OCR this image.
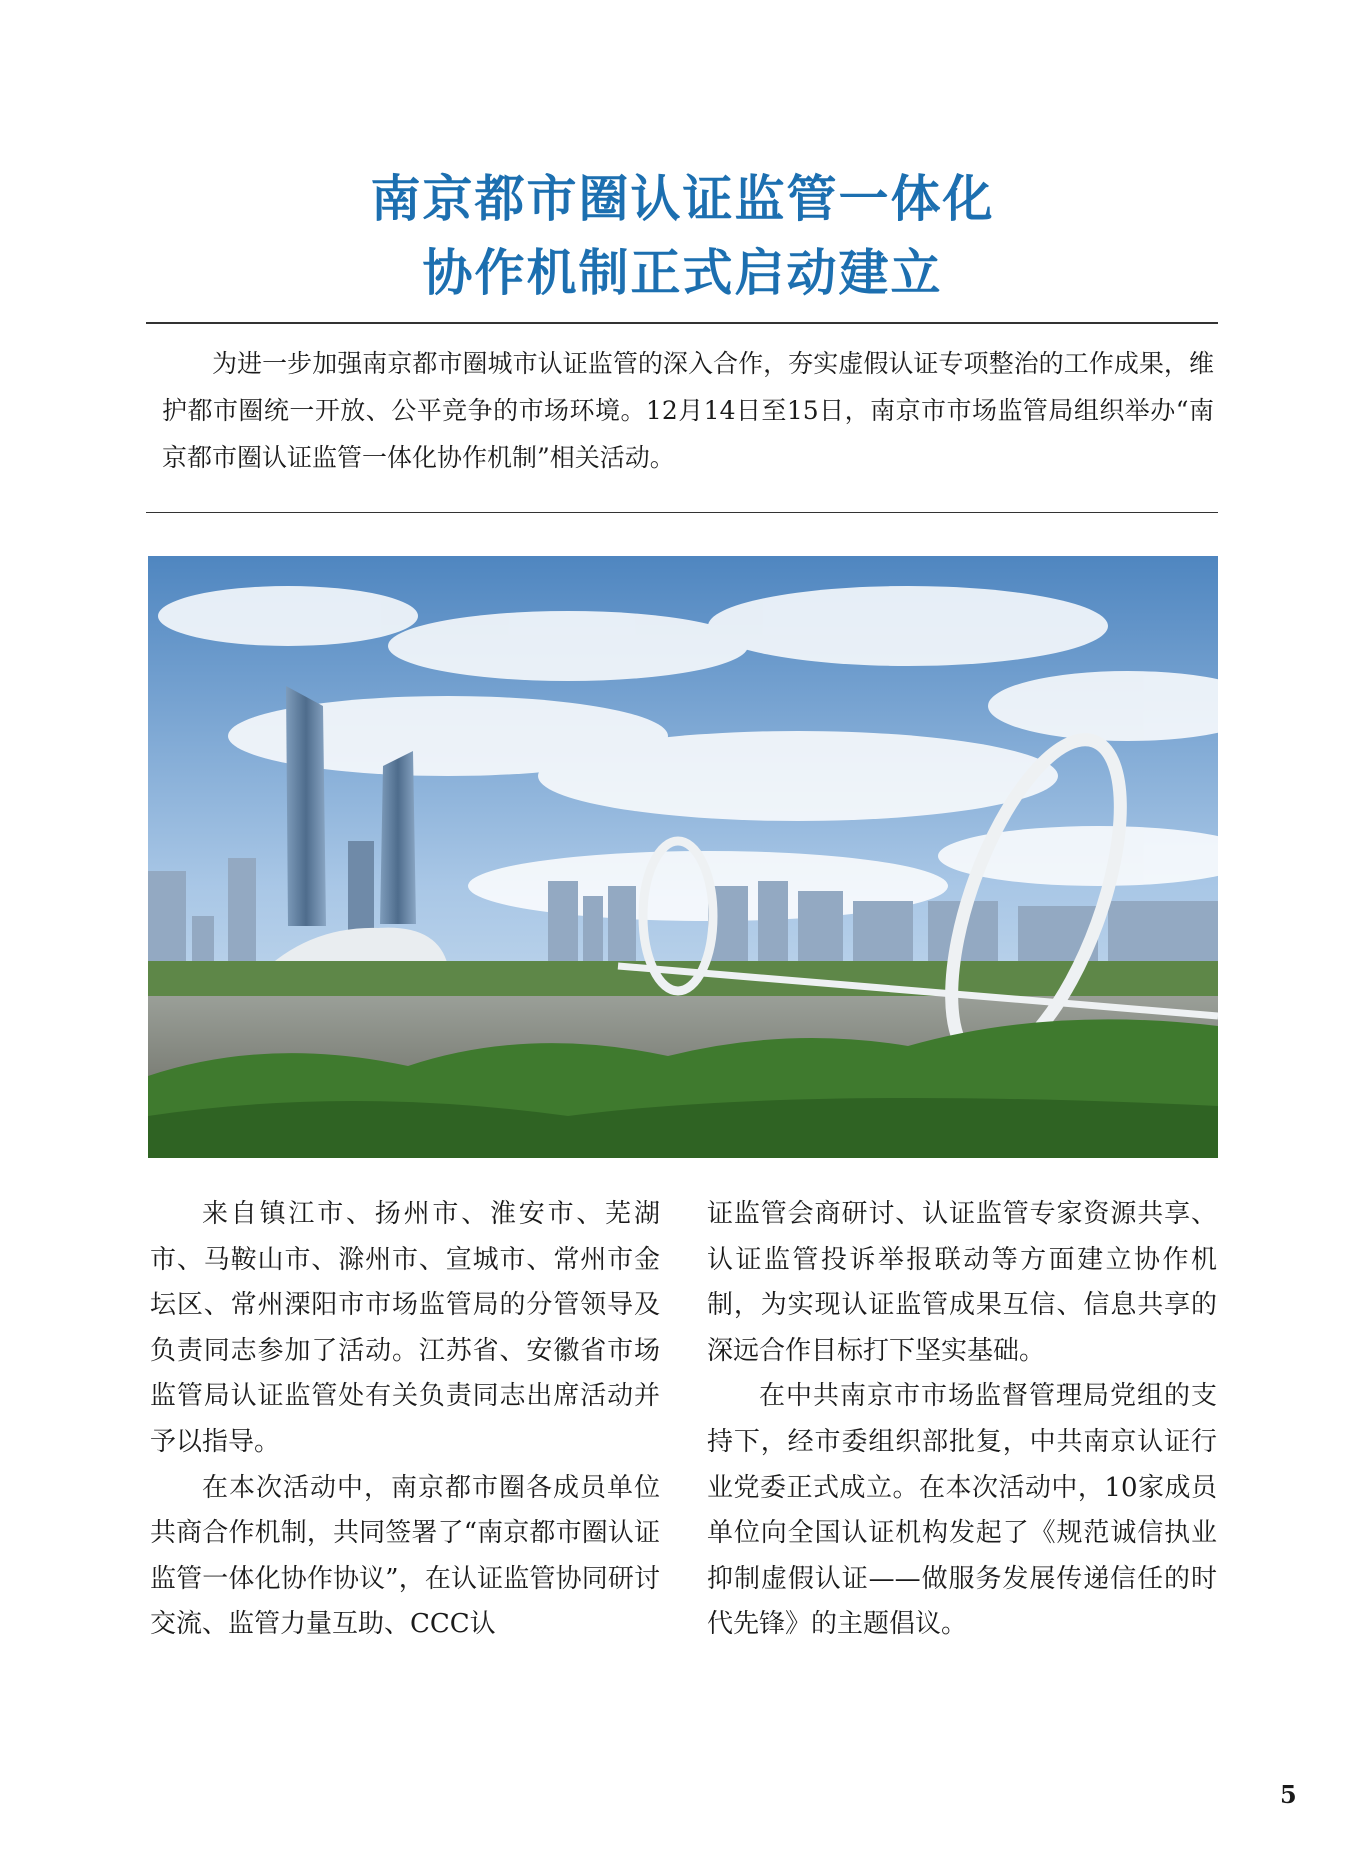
南京都市圈认证监管一体化
协作机制正式启动建立

为进一步加强南京都市圈城市认证监管的深入合作，夯实虚假认证专项整治的工作成果，维护都市圈统一开放、公平竞争的市场环境。12月14日至15日，南京市市场监管局组织举办“南京都市圈认证监管一体化协作机制”相关活动。

来自镇江市、扬州市、淮安市、芜湖市、马鞍山市、滁州市、宣城市、常州市金坛区、常州溧阳市市场监管局的分管领导及负责同志参加了活动。江苏省、安徽省市场监管局认证监管处有关负责同志出席活动并予以指导。

在本次活动中，南京都市圈各成员单位共商合作机制，共同签署了“南京都市圈认证监管一体化协作协议”，在认证监管协同研讨交流、监管力量互助、CCC认

证监管会商研讨、认证监管专家资源共享、认证监管投诉举报联动等方面建立协作机制，为实现认证监管成果互信、信息共享的深远合作目标打下坚实基础。

在中共南京市市场监督管理局党组的支持下，经市委组织部批复，中共南京认证行业党委正式成立。在本次活动中，10家成员单位向全国认证机构发起了《规范诚信执业 抑制虚假认证——做服务发展传递信任的时代先锋》的主题倡议。

5
